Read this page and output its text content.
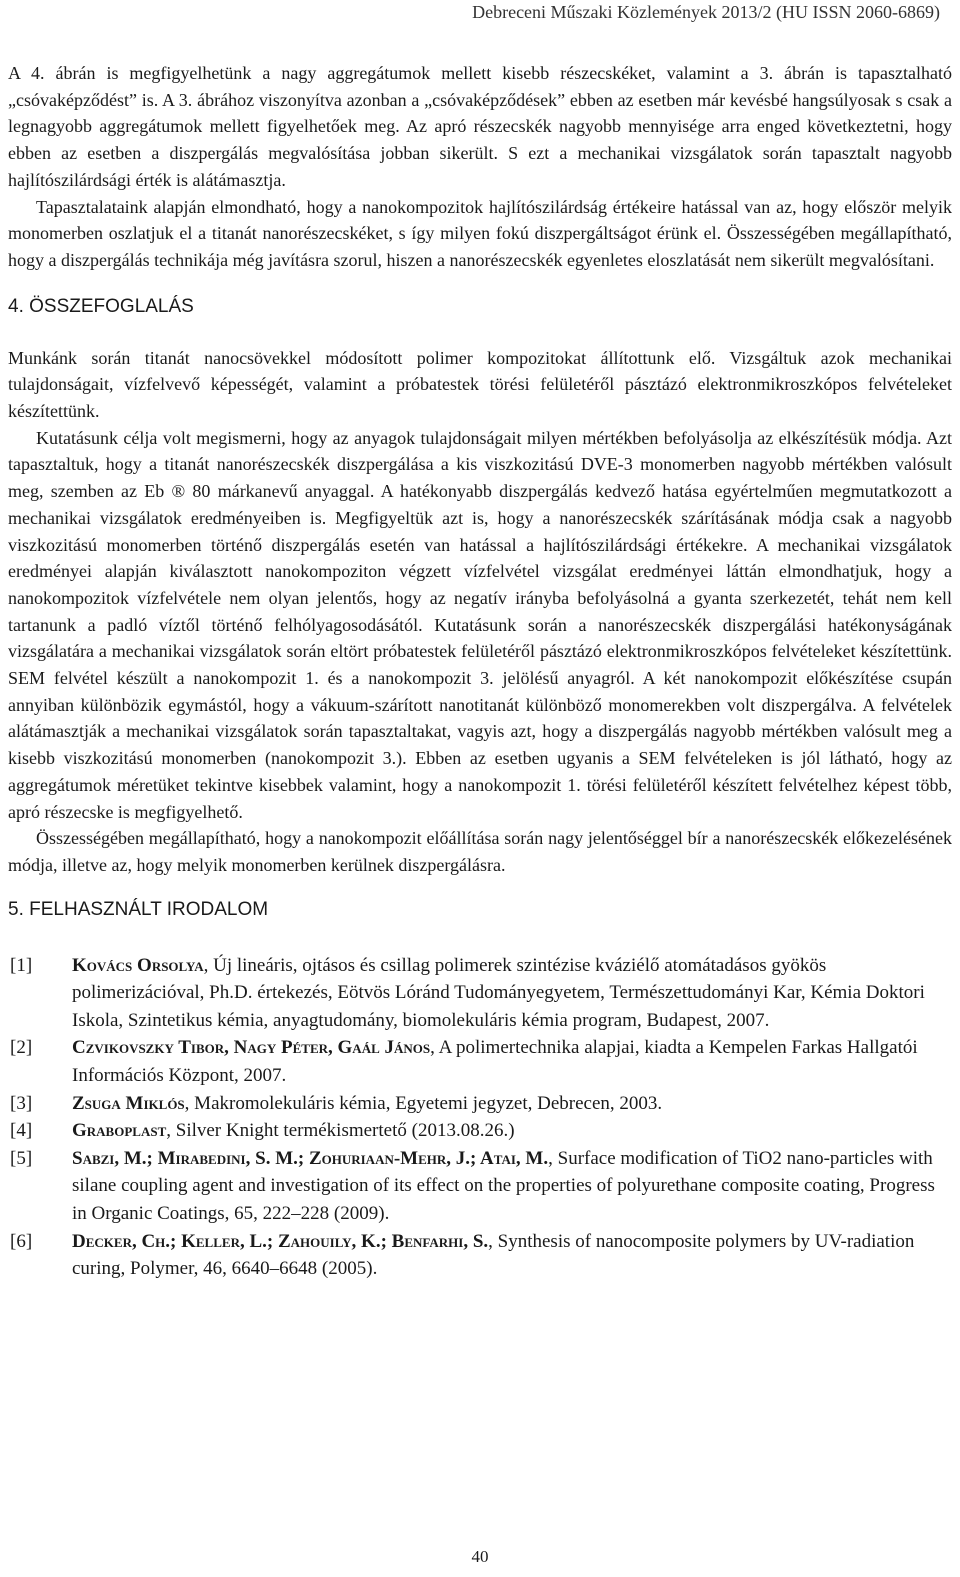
Debreceni Műszaki Közlemények 2013/2 (HU ISSN 2060-6869)

A 4. ábrán is megfigyelhetünk a nagy aggregátumok mellett kisebb részecskéket, valamint a 3. ábrán is tapasztalható „csóvaképződést” is. A 3. ábrához viszonyítva azonban a „csóvaképződések” ebben az esetben már kevésbé hangsúlyosak s csak a legnagyobb aggregátumok mellett figyelhetőek meg. Az apró részecskék nagyobb mennyisége arra enged következtetni, hogy ebben az esetben a diszpergálás megvalósítása jobban sikerült. S ezt a mechanikai vizsgálatok során tapasztalt nagyobb hajlítószilárdsági érték is alátámasztja.

Tapasztalataink alapján elmondható, hogy a nanokompozitok hajlítószilárdság értékeire hatással van az, hogy először melyik monomerben oszlatjuk el a titanát nanorészecskéket, s így milyen fokú diszpergáltságot érünk el. Összességében megállapítható, hogy a diszpergálás technikája még javításra szorul, hiszen a nanorészecskék egyenletes eloszlatását nem sikerült megvalósítani.

4. ÖSSZEFOGLALÁS

Munkánk során titanát nanocsövekkel módosított polimer kompozitokat állítottunk elő. Vizsgáltuk azok mechanikai tulajdonságait, vízfelvevő képességét, valamint a próbatestek törési felületéről pásztázó elektronmikroszkópos felvételeket készítettünk.

Kutatásunk célja volt megismerni, hogy az anyagok tulajdonságait milyen mértékben befolyásolja az elkészítésük módja. Azt tapasztaltuk, hogy a titanát nanorészecskék diszpergálása a kis viszkozitású DVE-3 monomerben nagyobb mértékben valósult meg, szemben az Eb ® 80 márkanevű anyaggal. A hatékonyabb diszpergálás kedvező hatása egyértelműen megmutatkozott a mechanikai vizsgálatok eredményeiben is. Megfigyeltük azt is, hogy a nanorészecskék szárításának módja csak a nagyobb viszkozitású monomerben történő diszpergálás esetén van hatással a hajlítószilárdsági értékekre. A mechanikai vizsgálatok eredményei alapján kiválasztott nanokompoziton végzett vízfelvétel vizsgálat eredményei láttán elmondhatjuk, hogy a nanokompozitok vízfelvétele nem olyan jelentős, hogy az negatív irányba befolyásolná a gyanta szerkezetét, tehát nem kell tartanunk a padló víztől történő felhólyagosodásától. Kutatásunk során a nanorészecskék diszpergálási hatékonyságának vizsgálatára a mechanikai vizsgálatok során eltört próbatestek felületéről pásztázó elektronmikroszkópos felvételeket készítettünk. SEM felvétel készült a nanokompozit 1. és a nanokompozit 3. jelölésű anyagról. A két nanokompozit előkészítése csupán annyiban különbözik egymástól, hogy a vákuum-szárított nanotitanát különböző monomerekben volt diszpergálva. A felvételek alátámasztják a mechanikai vizsgálatok során tapasztaltakat, vagyis azt, hogy a diszpergálás nagyobb mértékben valósult meg a kisebb viszkozitású monomerben (nanokompozit 3.). Ebben az esetben ugyanis a SEM felvételeken is jól látható, hogy az aggregátumok méretüket tekintve kisebbek valamint, hogy a nanokompozit 1. törési felületéről készített felvételhez képest több, apró részecske is megfigyelhető.

Összességében megállapítható, hogy a nanokompozit előállítása során nagy jelentőséggel bír a nanorészecskék előkezelésének módja, illetve az, hogy melyik monomerben kerülnek diszpergálásra.

5. FELHASZNÁLT IRODALOM
[1]	Kovács Orsolya, Új lineáris, ojtásos és csillag polimerek szintézise kváziélő atomátadásos gyökös polimerizációval, Ph.D. értekezés, Eötvös Lóránd Tudományegyetem, Természettudományi Kar, Kémia Doktori Iskola, Szintetikus kémia, anyagtudomány, biomolekuláris kémia program, Budapest, 2007.
[2]	Czvikovszky Tibor, Nagy Péter, Gaál János, A polimertechnika alapjai, kiadta a Kempelen Farkas Hallgatói Információs Központ, 2007.
[3]	Zsuga Miklós, Makromolekuláris kémia, Egyetemi jegyzet, Debrecen, 2003.
[4]	Graboplast, Silver Knight termékismertető (2013.08.26.)
[5]	Sabzi, M.; Mirabedini, S. M.; Zohuriaan-Mehr, J.; Atai, M., Surface modification of TiO2 nano-particles with silane coupling agent and investigation of its effect on the properties of polyurethane composite coating, Progress in Organic Coatings, 65, 222–228 (2009).
[6]	Decker, Ch.; Keller, L.; Zahouily, K.; Benfarhi, S., Synthesis of nanocomposite polymers by UV-radiation curing, Polymer, 46, 6640–6648 (2005).
40
